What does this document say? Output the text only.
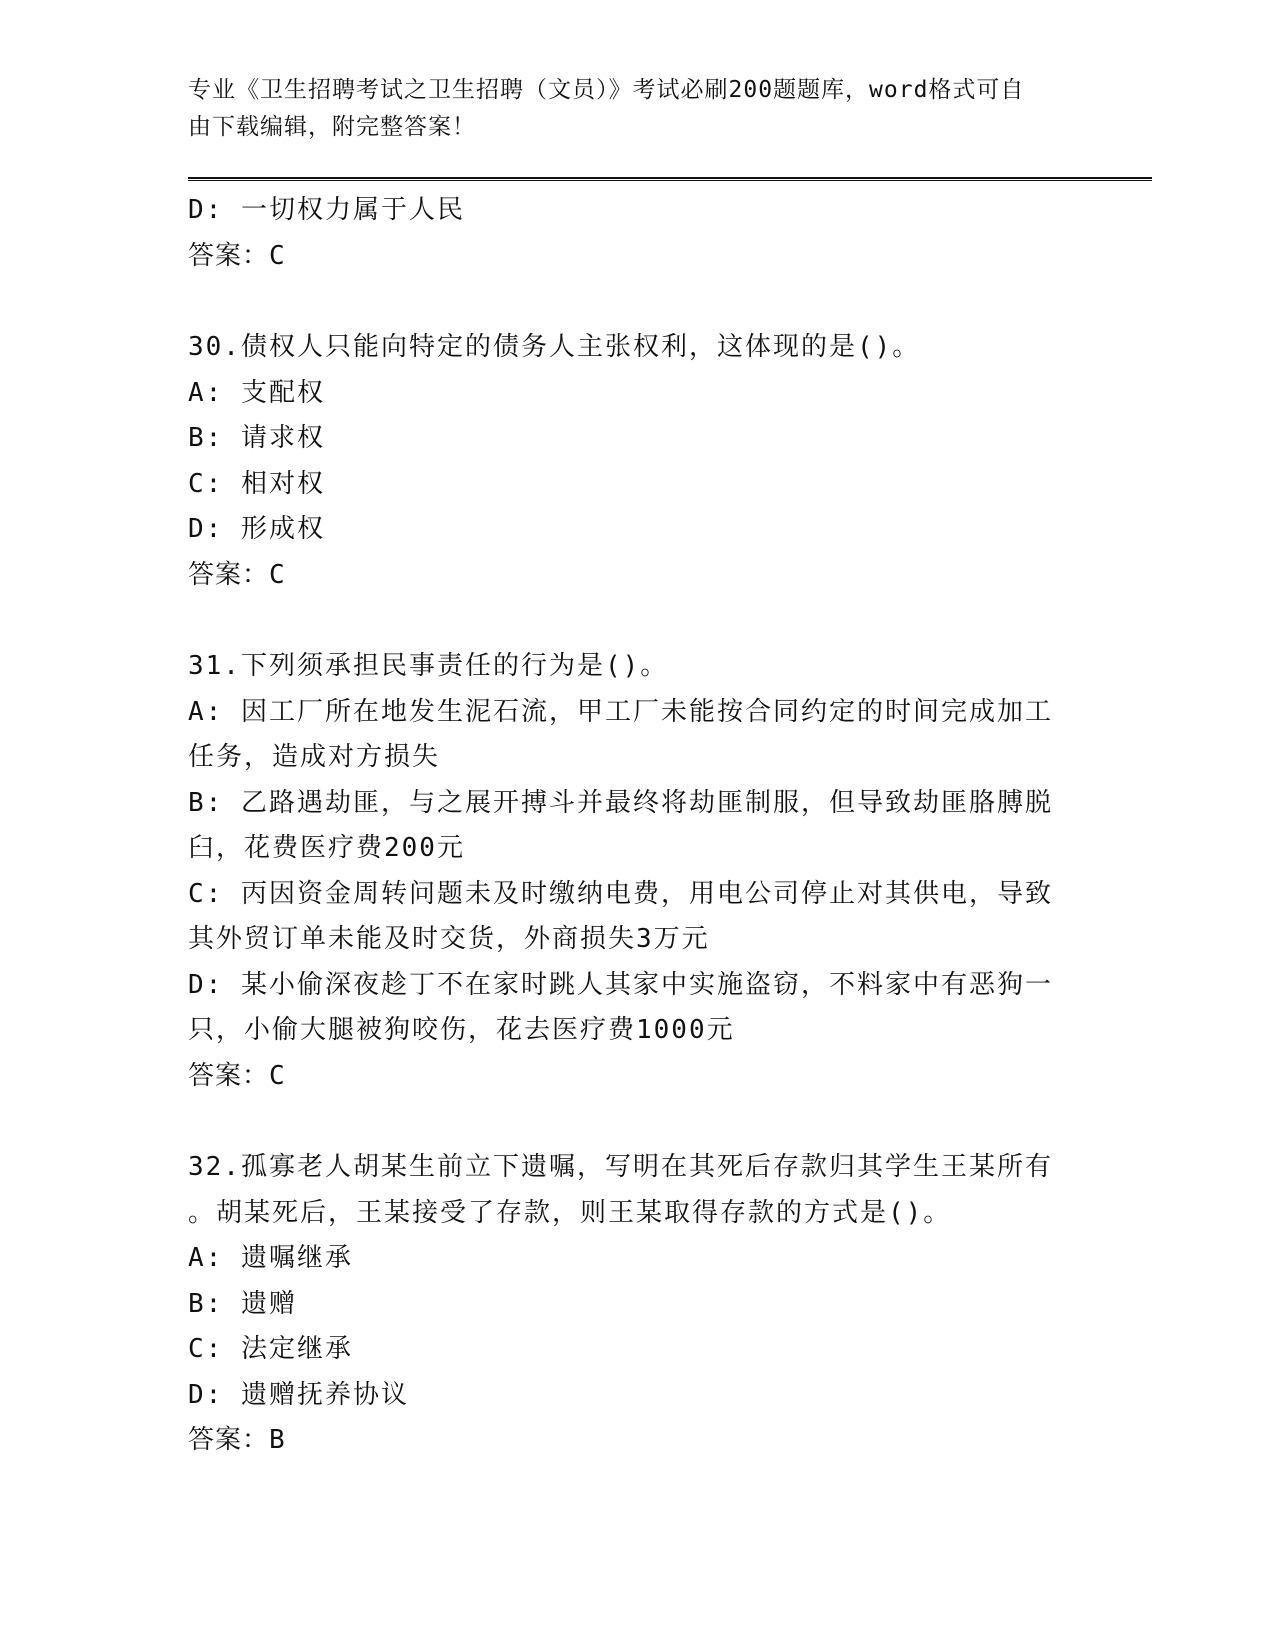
专业《卫生招聘考试之卫生招聘（文员）》考试必刷200题题库，word格式可自
由下载编辑，附完整答案！
D: 一切权力属于人民
答案：C
30.债权人只能向特定的债务人主张权利，这体现的是()。
A: 支配权
B: 请求权
C: 相对权
D: 形成权
答案：C
31.下列须承担民事责任的行为是()。
A: 因工厂所在地发生泥石流，甲工厂未能按合同约定的时间完成加工
任务，造成对方损失
B: 乙路遇劫匪，与之展开搏斗并最终将劫匪制服，但导致劫匪胳膊脱
臼，花费医疗费200元
C: 丙因资金周转问题未及时缴纳电费，用电公司停止对其供电，导致
其外贸订单未能及时交货，外商损失3万元
D: 某小偷深夜趁丁不在家时跳人其家中实施盗窃，不料家中有恶狗一
只，小偷大腿被狗咬伤，花去医疗费1000元
答案：C
32.孤寡老人胡某生前立下遗嘱，写明在其死后存款归其学生王某所有
。胡某死后，王某接受了存款，则王某取得存款的方式是()。
A: 遗嘱继承
B: 遗赠
C: 法定继承
D: 遗赠抚养协议
答案：B
